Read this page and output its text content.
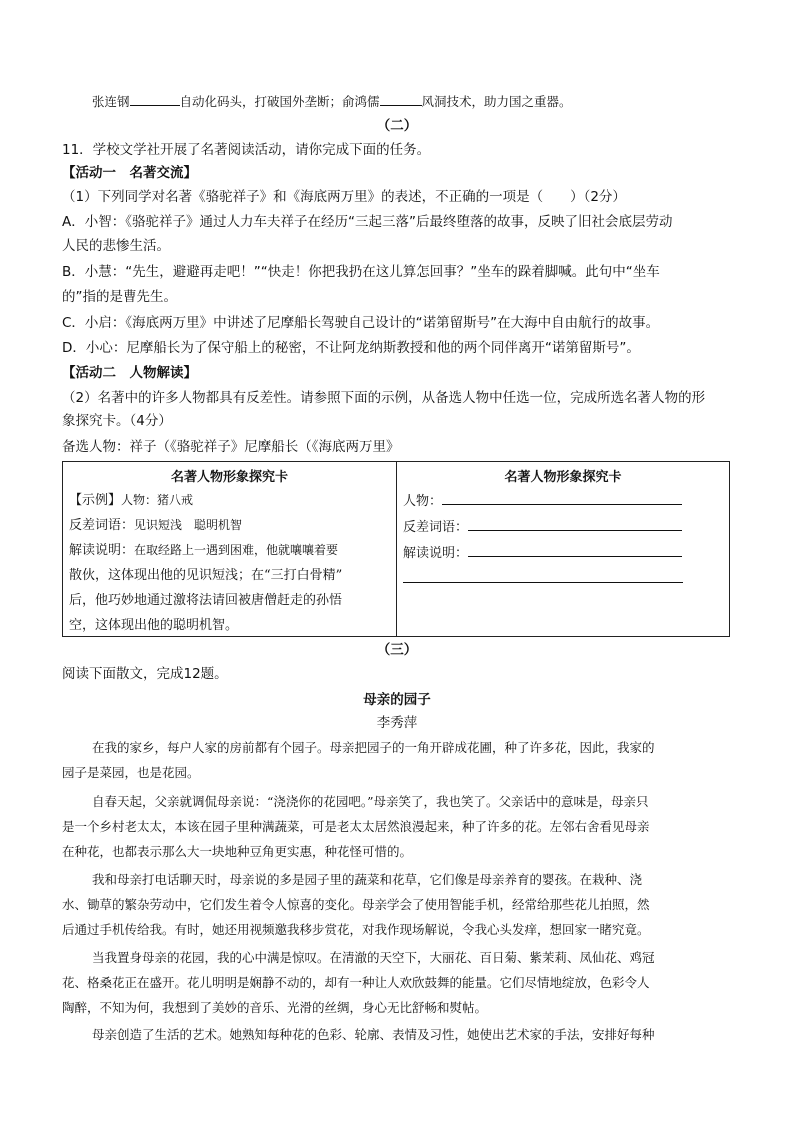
张连钢	自动化码头，打破国外垄断；俞鸿儒	风洞技术，助力国之重器。
（二）
11．学校文学社开展了名著阅读活动，请你完成下面的任务。
【活动一　名著交流】
（1）下列同学对名著《骆驼祥子》和《海底两万里》的表述，不正确的一项是（　　）（2分）
A．小智：《骆驼祥子》通过人力车夫祥子在经历“三起三落”后最终堕落的故事，反映了旧社会底层劳动
人民的悲惨生活。
B．小慧：“先生，避避再走吧！”“快走！你把我扔在这儿算怎回事？”坐车的跺着脚喊。此句中“坐车
的”指的是曹先生。
C．小启：《海底两万里》中讲述了尼摩船长驾驶自己设计的“诺第留斯号”在大海中自由航行的故事。
D．小心：尼摩船长为了保守船上的秘密，不让阿龙纳斯教授和他的两个同伴离开“诺第留斯号”。
【活动二　人物解读】
（2）名著中的许多人物都具有反差性。请参照下面的示例，从备选人物中任选一位，完成所选名著人物的形
象探究卡。（4分）
备选人物：祥子（《骆驼祥子》尼摩船长（《海底两万里》
名著人物形象探究卡
【示例】人物：猪八戒
反差词语：见识短浅　聪明机智
解读说明：在取经路上一遇到困难，他就嚷嚷着要
散伙，这体现出他的见识短浅；在“三打白骨精”
后，他巧妙地通过激将法请回被唐僧赶走的孙悟
空，这体现出他的聪明机智。

名著人物形象探究卡
人物：
反差词语：
解读说明：
（三）
阅读下面散文，完成12题。
母亲的园子
李秀萍
在我的家乡，每户人家的房前都有个园子。母亲把园子的一角开辟成花圃，种了许多花，因此，我家的
园子是菜园，也是花园。
自春天起，父亲就调侃母亲说：“浇浇你的花园吧。”母亲笑了，我也笑了。父亲话中的意味是，母亲只
是一个乡村老太太，本该在园子里种满蔬菜，可是老太太居然浪漫起来，种了许多的花。左邻右舍看见母亲
在种花，也都表示那么大一块地种豆角更实惠，种花怪可惜的。
我和母亲打电话聊天时，母亲说的多是园子里的蔬菜和花草，它们像是母亲养育的婴孩。在栽种、浇
水、锄草的繁杂劳动中，它们发生着令人惊喜的变化。母亲学会了使用智能手机，经常给那些花儿拍照，然
后通过手机传给我。有时，她还用视频邀我移步赏花，对我作现场解说，令我心头发痒，想回家一睹究竟。
当我置身母亲的花园，我的心中满是惊叹。在清澈的天空下，大丽花、百日菊、紫茉莉、凤仙花、鸡冠
花、格桑花正在盛开。花儿明明是娴静不动的，却有一种让人欢欣鼓舞的能量。它们尽情地绽放，色彩令人
陶醉，不知为何，我想到了美妙的音乐、光滑的丝绸，身心无比舒畅和熨帖。
母亲创造了生活的艺术。她熟知每种花的色彩、轮廓、表情及习性，她使出艺术家的手法，安排好每种
